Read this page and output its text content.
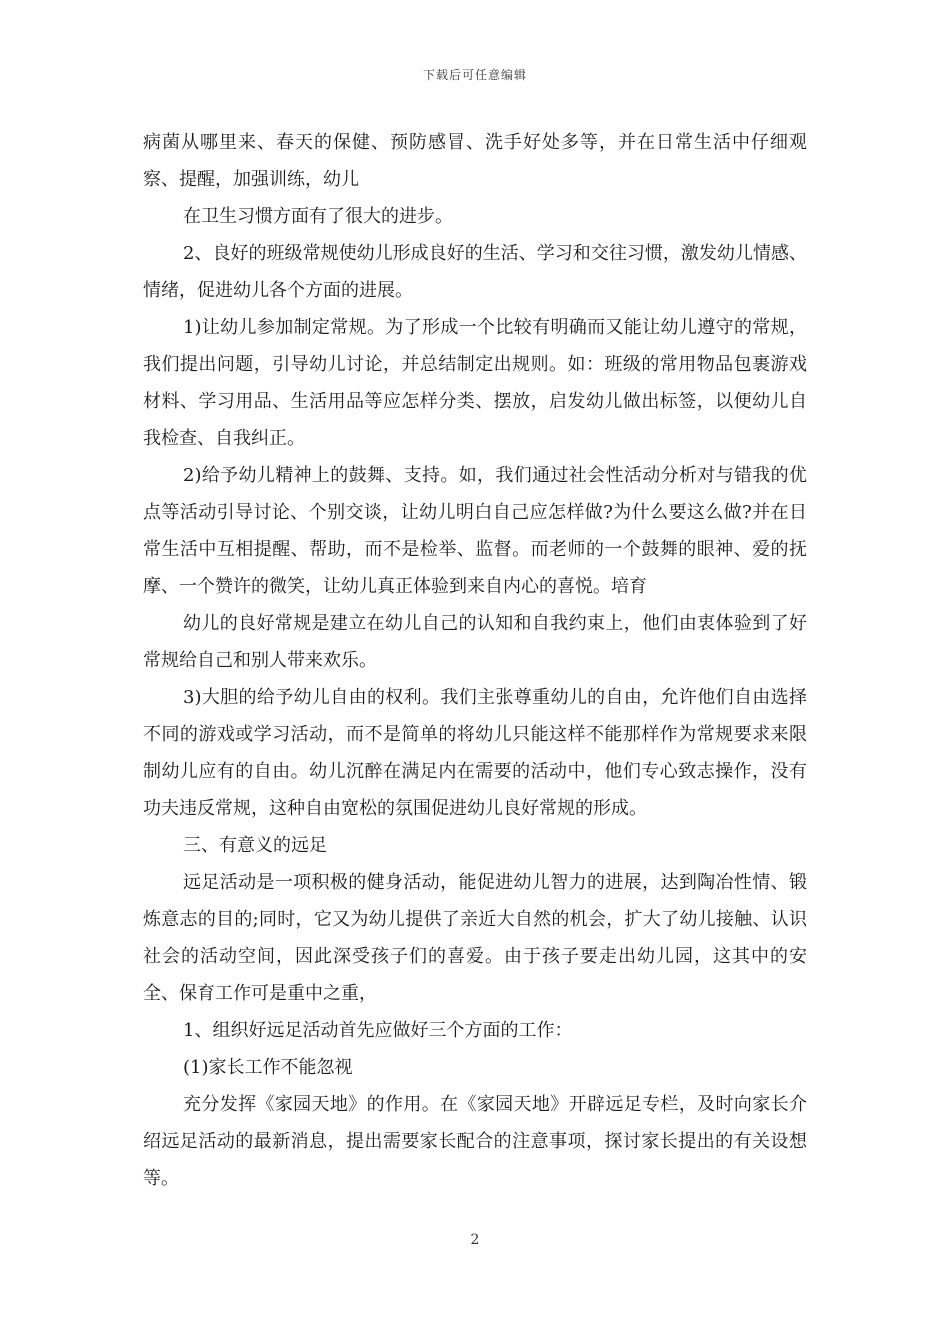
下载后可任意编辑

病菌从哪里来、春天的保健、预防感冒、洗手好处多等，并在日常生活中仔细观察、提醒，加强训练，幼儿

在卫生习惯方面有了很大的进步。

2、良好的班级常规使幼儿形成良好的生活、学习和交往习惯，激发幼儿情感、情绪，促进幼儿各个方面的进展。

1)让幼儿参加制定常规。为了形成一个比较有明确而又能让幼儿遵守的常规，我们提出问题，引导幼儿讨论，并总结制定出规则。如：班级的常用物品包裹游戏材料、学习用品、生活用品等应怎样分类、摆放，启发幼儿做出标签，以便幼儿自我检查、自我纠正。

2)给予幼儿精神上的鼓舞、支持。如，我们通过社会性活动分析对与错我的优点等活动引导讨论、个别交谈，让幼儿明白自己应怎样做?为什么要这么做?并在日常生活中互相提醒、帮助，而不是检举、监督。而老师的一个鼓舞的眼神、爱的抚摩、一个赞许的微笑，让幼儿真正体验到来自内心的喜悦。培育

幼儿的良好常规是建立在幼儿自己的认知和自我约束上，他们由衷体验到了好常规给自己和别人带来欢乐。

3)大胆的给予幼儿自由的权利。我们主张尊重幼儿的自由，允许他们自由选择不同的游戏或学习活动，而不是简单的将幼儿只能这样不能那样作为常规要求来限制幼儿应有的自由。幼儿沉醉在满足内在需要的活动中，他们专心致志操作，没有功夫违反常规，这种自由宽松的氛围促进幼儿良好常规的形成。

三、有意义的远足

远足活动是一项积极的健身活动，能促进幼儿智力的进展，达到陶冶性情、锻炼意志的目的;同时，它又为幼儿提供了亲近大自然的机会，扩大了幼儿接触、认识社会的活动空间，因此深受孩子们的喜爱。由于孩子要走出幼儿园，这其中的安全、保育工作可是重中之重，

1、组织好远足活动首先应做好三个方面的工作：

(1)家长工作不能忽视

充分发挥《家园天地》的作用。在《家园天地》开辟远足专栏，及时向家长介绍远足活动的最新消息，提出需要家长配合的注意事项，探讨家长提出的有关设想等。

2
